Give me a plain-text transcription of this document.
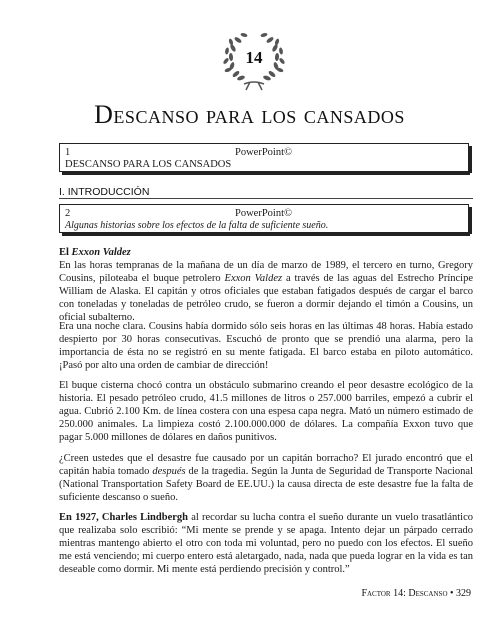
14
Descanso para los cansados
1	PowerPoint©
DESCANSO PARA LOS CANSADOS
I. INTRODUCCIÓN
2	PowerPoint©
Algunas historias sobre los efectos de la falta de suficiente sueño.

El Exxon Valdez

En las horas tempranas de la mañana de un día de marzo de 1989, el tercero en turno, Gregory Cousins, piloteaba el buque petrolero Exxon Valdez a través de las aguas del Estrecho Príncipe William de Alaska. El capitán y otros oficiales que estaban fatigados después de cargar el barco con toneladas y toneladas de petróleo crudo, se fueron a dormir dejando el timón a Cousins, un oficial subalterno.

Era una noche clara. Cousins había dormido sólo seis horas en las últimas 48 horas. Había estado despierto por 30 horas consecutivas. Escuchó de pronto que se prendió una alarma, pero la importancia de ésta no se registró en su mente fatigada. El barco estaba en piloto automático. ¡Pasó por alto una orden de cambiar de dirección!

El buque cisterna chocó contra un obstáculo submarino creando el peor desastre ecológico de la historia. El pesado petróleo crudo, 41.5 millones de litros o 257.000 barriles, empezó a cubrir el agua. Cubrió 2.100 Km. de línea costera con una espesa capa negra. Mató un número estimado de 250.000 animales. La limpieza costó 2.100.000.000 de dólares. La compañía Exxon tuvo que pagar 5.000 millones de dólares en daños punitivos.

¿Creen ustedes que el desastre fue causado por un capitán borracho? El jurado encontró que el capitán había tomado después de la tragedia. Según la Junta de Seguridad de Transporte Nacional (National Transportation Safety Board de EE.UU.) la causa directa de este desastre fue la falta de suficiente descanso o sueño.

En 1927, Charles Lindbergh al recordar su lucha contra el sueño durante un vuelo trasatlántico que realizaba solo escribió: “Mi mente se prende y se apaga. Intento dejar un párpado cerrado mientras mantengo abierto el otro con toda mi voluntad, pero no puedo con los efectos. El sueño me está venciendo; mi cuerpo entero está aletargado, nada, nada que pueda lograr en la vida es tan deseable como dormir. Mi mente está perdiendo precisión y control.”

Factor 14: Descanso • 329
